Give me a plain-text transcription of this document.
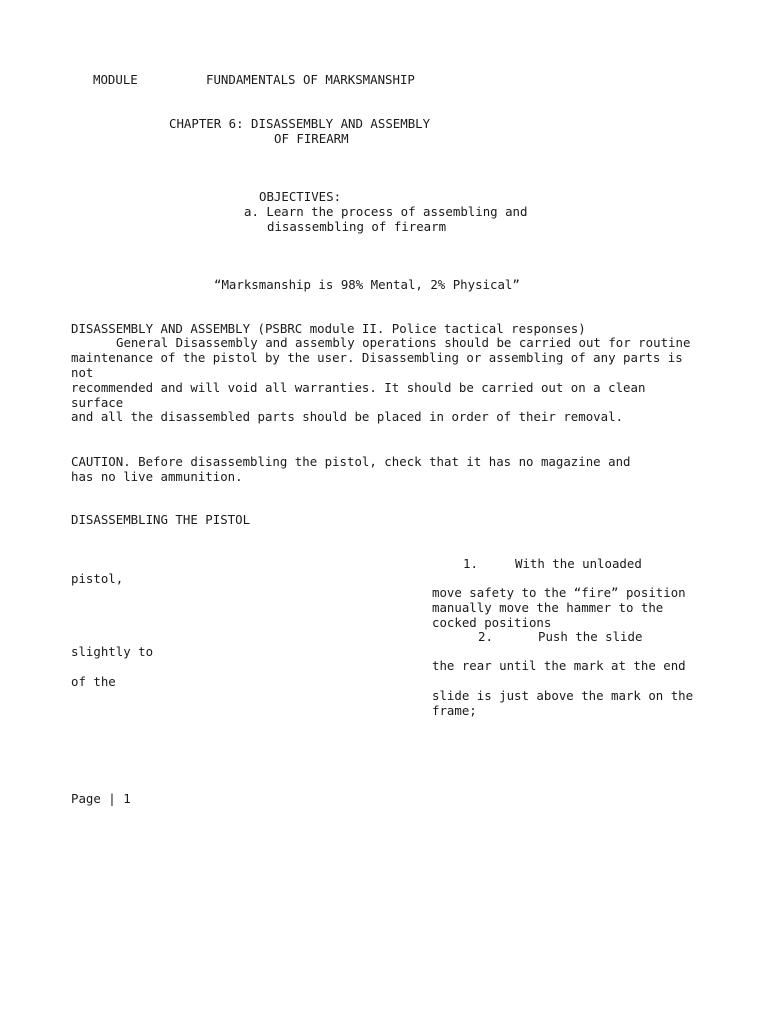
MODULE	FUNDAMENTALS OF MARKSMANSHIP
CHAPTER 6: DISASSEMBLY AND ASSEMBLY
OF FIREARM
OBJECTIVES:
a. Learn the process of assembling and
disassembling of firearm
“Marksmanship is 98% Mental, 2% Physical”
DISASSEMBLY AND ASSEMBLY (PSBRC module II. Police tactical responses)
General Disassembly and assembly operations should be carried out for routine
maintenance of the pistol by the user. Disassembling or assembling of any parts is
not
recommended and will void all warranties. It should be carried out on a clean
surface
and all the disassembled parts should be placed in order of their removal.
CAUTION. Before disassembling the pistol, check that it has no magazine and
has no live ammunition.
DISASSEMBLING THE PISTOL
1.	With the unloaded
pistol,
move safety to the “fire” position
manually move the hammer to the
cocked positions
2.	Push the slide
slightly to
the rear until the mark at the end
of the
slide is just above the mark on the
frame;
Page | 1
